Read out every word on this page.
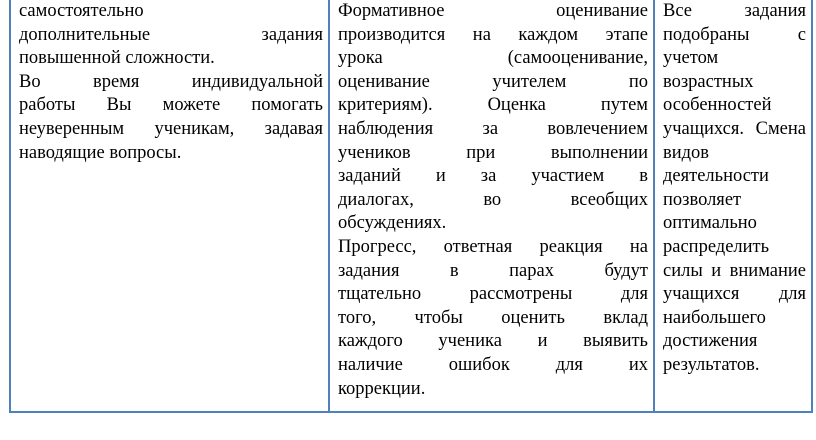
самостоятельно
дополнительные задания
повышенной сложности.
Во время индивидуальной
работы Вы можете помогать
неуверенным ученикам, задавая
наводящие вопросы.

Формативное оценивание
производится на каждом этапе
урока (самооценивание,
оценивание учителем по
критериям). Оценка путем
наблюдения за вовлечением
учеников при выполнении
заданий и за участием в
диалогах, во всеобщих
обсуждениях.
Прогресс, ответная реакция на
задания в парах будут
тщательно рассмотрены для
того, чтобы оценить вклад
каждого ученика и выявить
наличие ошибок для их
коррекции.

Все задания
подобраны с
учетом
возрастных
особенностей
учащихся. Смена
видов
деятельности
позволяет
оптимально
распределить
силы и внимание
учащихся для
наибольшего
достижения
результатов.
